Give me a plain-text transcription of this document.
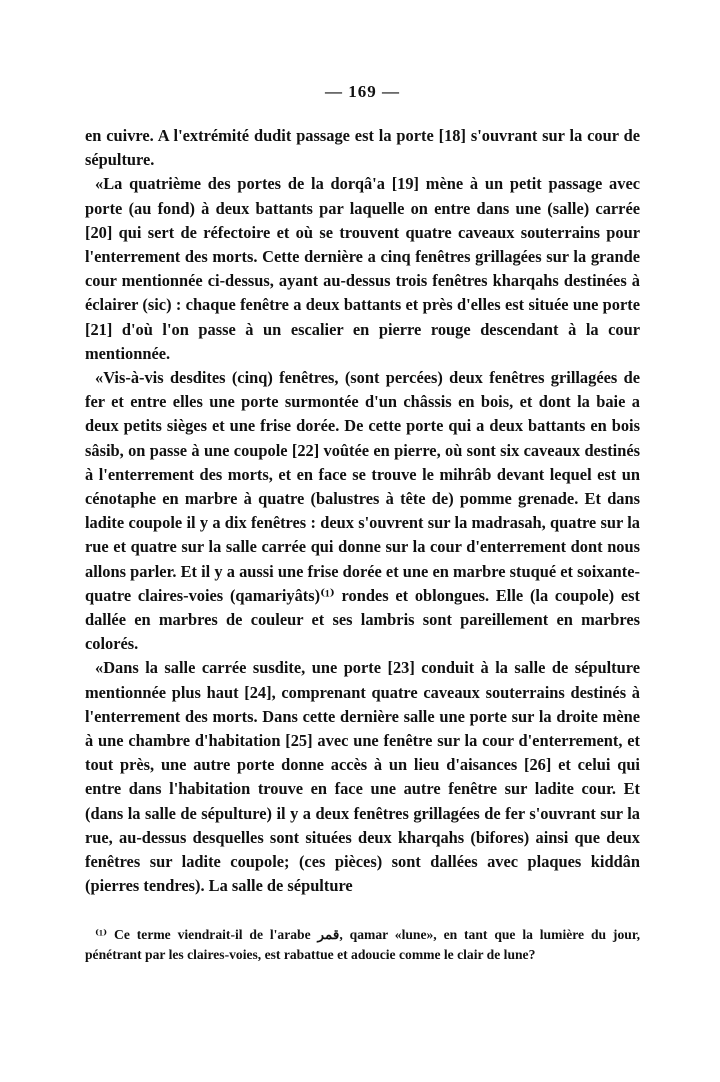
— 169 —

en cuivre. A l'extrémité dudit passage est la porte [18] s'ouvrant sur la cour de sépulture.

«La quatrième des portes de la dorqâ'a [19] mène à un petit passage avec porte (au fond) à deux battants par laquelle on entre dans une (salle) carrée [20] qui sert de réfectoire et où se trouvent quatre caveaux souterrains pour l'enterrement des morts. Cette dernière a cinq fenêtres grillagées sur la grande cour mentionnée ci-dessus, ayant au-dessus trois fenêtres kharqahs destinées à éclairer (sic) : chaque fenêtre a deux battants et près d'elles est située une porte [21] d'où l'on passe à un escalier en pierre rouge descendant à la cour mentionnée.

«Vis-à-vis desdites (cinq) fenêtres, (sont percées) deux fenêtres grillagées de fer et entre elles une porte surmontée d'un châssis en bois, et dont la baie a deux petits sièges et une frise dorée. De cette porte qui a deux battants en bois sâsib, on passe à une coupole [22] voûtée en pierre, où sont six caveaux destinés à l'enterrement des morts, et en face se trouve le mihrâb devant lequel est un cénotaphe en marbre à quatre (balustres à tête de) pomme grenade. Et dans ladite coupole il y a dix fenêtres : deux s'ouvrent sur la madrasah, quatre sur la rue et quatre sur la salle carrée qui donne sur la cour d'enterrement dont nous allons parler. Et il y a aussi une frise dorée et une en marbre stuqué et soixante-quatre claires-voies (qamariyâts)⁽¹⁾ rondes et oblongues. Elle (la coupole) est dallée en marbres de couleur et ses lambris sont pareillement en marbres colorés.

«Dans la salle carrée susdite, une porte [23] conduit à la salle de sépulture mentionnée plus haut [24], comprenant quatre caveaux souterrains destinés à l'enterrement des morts. Dans cette dernière salle une porte sur la droite mène à une chambre d'habitation [25] avec une fenêtre sur la cour d'enterrement, et tout près, une autre porte donne accès à un lieu d'aisances [26] et celui qui entre dans l'habitation trouve en face une autre fenêtre sur ladite cour. Et (dans la salle de sépulture) il y a deux fenêtres grillagées de fer s'ouvrant sur la rue, au-dessus desquelles sont situées deux kharqahs (bifores) ainsi que deux fenêtres sur ladite coupole; (ces pièces) sont dallées avec plaques kiddân (pierres tendres). La salle de sépulture

⁽¹⁾ Ce terme viendrait-il de l'arabe قمر, qamar «lune», en tant que la lumière du jour, pénétrant par les claires-voies, est rabattue et adoucie comme le clair de lune?
